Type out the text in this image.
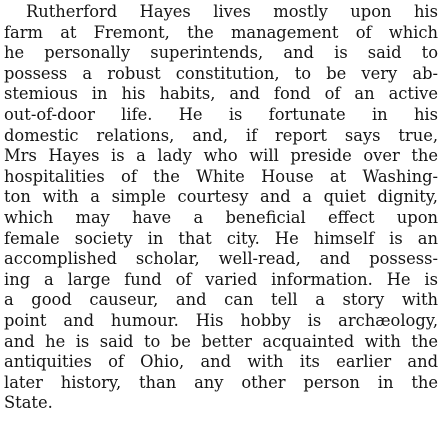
Rutherford Hayes lives mostly upon his
farm at Fremont, the management of which
he personally superintends, and is said to
possess a robust constitution, to be very ab-
stemious in his habits, and fond of an active
out-of-door life. He is fortunate in his
domestic relations, and, if report says true,
Mrs Hayes is a lady who will preside over the
hospitalities of the White House at Washing-
ton with a simple courtesy and a quiet dignity,
which may have a beneficial effect upon
female society in that city. He himself is an
accomplished scholar, well-read, and possess-
ing a large fund of varied information. He is
a good causeur, and can tell a story with
point and humour. His hobby is archæology,
and he is said to be better acquainted with the
antiquities of Ohio, and with its earlier and
later history, than any other person in the
State.
